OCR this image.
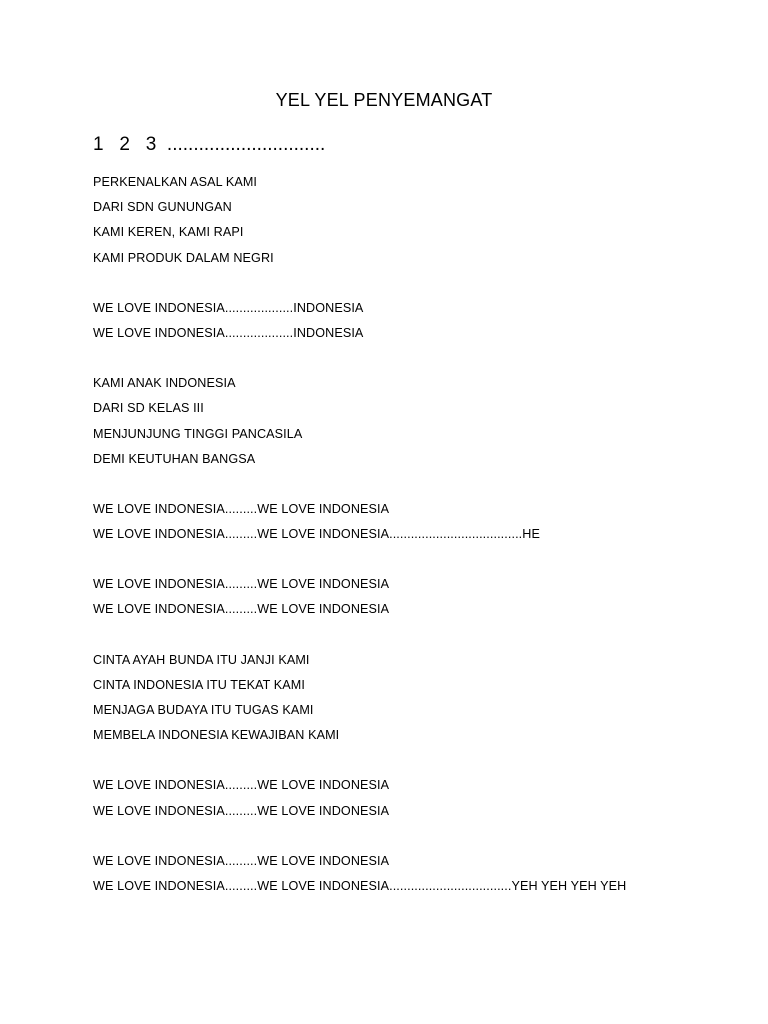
YEL YEL PENYEMANGAT
1   2   3  ..............................
PERKENALKAN ASAL KAMI
DARI SDN GUNUNGAN
KAMI KEREN, KAMI RAPI
KAMI PRODUK DALAM NEGRI
WE LOVE INDONESIA...................INDONESIA
WE LOVE INDONESIA...................INDONESIA
KAMI ANAK INDONESIA
DARI SD KELAS III
MENJUNJUNG TINGGI PANCASILA
DEMI KEUTUHAN BANGSA
WE LOVE INDONESIA.........WE LOVE INDONESIA
WE LOVE INDONESIA.........WE LOVE INDONESIA.....................................HE
WE LOVE INDONESIA.........WE LOVE INDONESIA
WE LOVE INDONESIA.........WE LOVE INDONESIA
CINTA AYAH BUNDA ITU JANJI KAMI
CINTA INDONESIA ITU TEKAT KAMI
MENJAGA BUDAYA ITU TUGAS KAMI
MEMBELA INDONESIA KEWAJIBAN KAMI
WE LOVE INDONESIA.........WE LOVE INDONESIA
WE LOVE INDONESIA.........WE LOVE INDONESIA
WE LOVE INDONESIA.........WE LOVE INDONESIA
WE LOVE INDONESIA.........WE LOVE INDONESIA..................................YEH YEH YEH YEH
